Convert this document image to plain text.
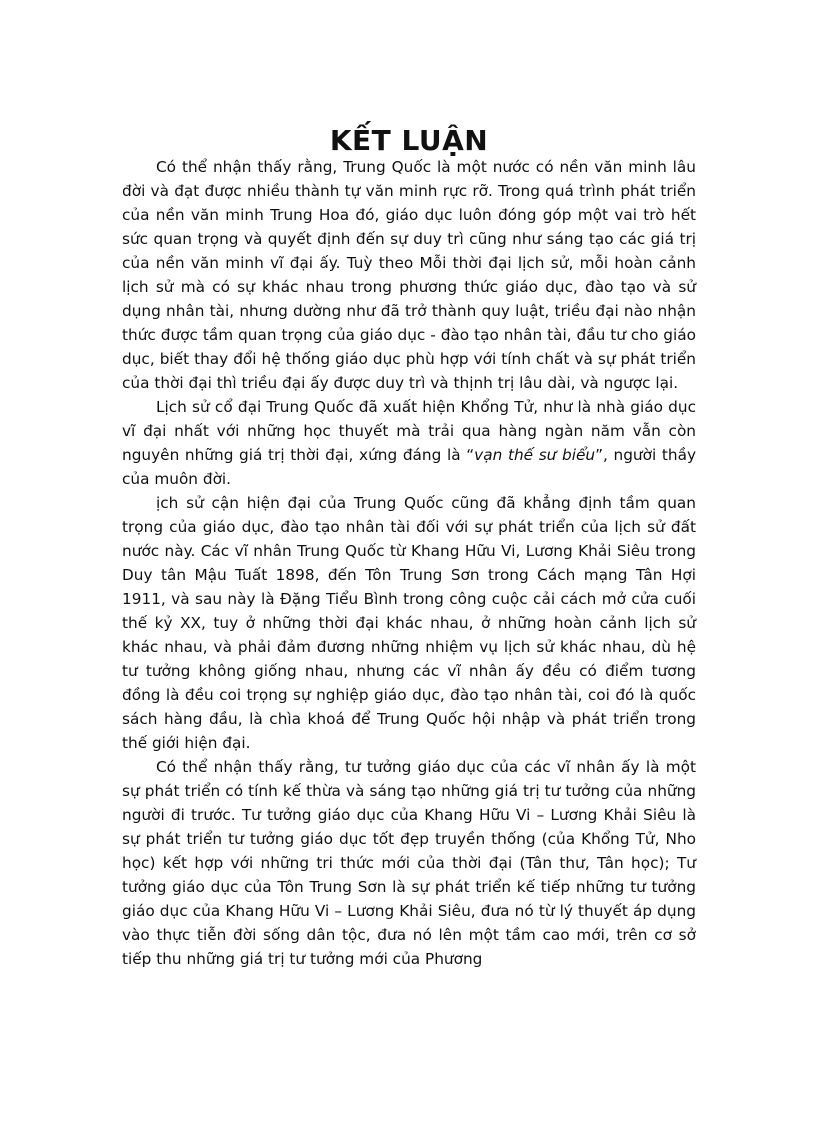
KẾT LUẬN

Có thể nhận thấy rằng, Trung Quốc là một nước có nền văn minh lâu đời và đạt được nhiều thành tự văn minh rực rỡ. Trong quá trình phát triển của nền văn minh Trung Hoa đó, giáo dục luôn đóng góp một vai trò hết sức quan trọng và quyết định đến sự duy trì cũng như sáng tạo các giá trị của nền văn minh vĩ đại ấy. Tuỳ theo Mỗi thời đại lịch sử, mỗi hoàn cảnh lịch sử mà có sự khác nhau trong phương thức giáo dục, đào tạo và sử dụng nhân tài, nhưng dường như đã trở thành quy luật, triều đại nào nhận thức được tầm quan trọng của giáo dục - đào tạo nhân tài, đầu tư cho giáo dục, biết thay đổi hệ thống giáo dục phù hợp với tính chất và sự phát triển của thời đại thì triều đại ấy được duy trì và thịnh trị lâu dài, và ngược lại.

Lịch sử cổ đại Trung Quốc đã xuất hiện Khổng Tử, như là nhà giáo dục vĩ đại nhất với những học thuyết mà trải qua hàng ngàn năm vẫn còn nguyên những giá trị thời đại, xứng đáng là “vạn thế sư biểu”, người thầy của muôn đời.

ịch sử cận hiện đại của Trung Quốc cũng đã khẳng định tầm quan trọng của giáo dục, đào tạo nhân tài đối với sự phát triển của lịch sử đất nước này. Các vĩ nhân Trung Quốc từ Khang Hữu Vi, Lương Khải Siêu trong Duy tân Mậu Tuất 1898, đến Tôn Trung Sơn trong Cách mạng Tân Hợi 1911, và sau này là Đặng Tiểu Bình trong công cuộc cải cách mở cửa cuối thế kỷ XX, tuy ở những thời đại khác nhau, ở những hoàn cảnh lịch sử khác nhau, và phải đảm đương những nhiệm vụ lịch sử khác nhau, dù hệ tư tưởng không giống nhau, nhưng các vĩ nhân ấy đều có điểm tương đồng là đều coi trọng sự nghiệp giáo dục, đào tạo nhân tài, coi đó là quốc sách hàng đầu, là chìa khoá để Trung Quốc hội nhập và phát triển trong thế giới hiện đại.

Có thể nhận thấy rằng, tư tưởng giáo dục của các vĩ nhân ấy là một sự phát triển có tính kế thừa và sáng tạo những giá trị tư tưởng của những người đi trước. Tư tưởng giáo dục của Khang Hữu Vi – Lương Khải Siêu là sự phát triển tư tưởng giáo dục tốt đẹp truyền thống (của Khổng Tử, Nho học) kết hợp với những tri thức mới của thời đại (Tân thư, Tân học); Tư tưởng giáo dục của Tôn Trung Sơn là sự phát triển kế tiếp những tư tưởng giáo dục của Khang Hữu Vi – Lương Khải Siêu, đưa nó từ lý thuyết áp dụng vào thực tiễn đời sống dân tộc, đưa nó lên một tầm cao mới, trên cơ sở tiếp thu những giá trị tư tưởng mới của Phương
